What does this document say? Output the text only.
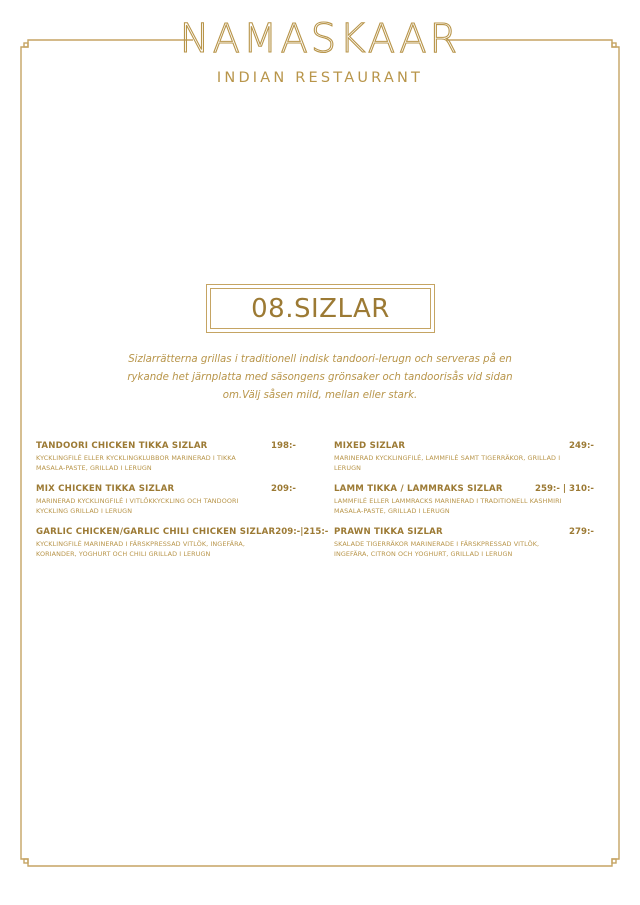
NAMASKAAR
INDIAN RESTAURANT
08.SIZLAR
Sizlarrätterna grillas i traditionell indisk tandoori-lerugn och serveras på en rykande het järnplatta med säsongens grönsaker och tandoorisås vid sidan om.Välj såsen mild, mellan eller stark.
TANDOORI CHICKEN TIKKA SIZLAR	198:-
KYCKLINGFILÉ ELLER KYCKLINGKLUBBOR MARINERAD I TIKKA MASALA-PASTE, GRILLAD I LERUGN
MIX CHICKEN TIKKA SIZLAR	209:-
MARINERAD KYCKLINGFILÉ I VITLÖKKYCKLING OCH TANDOORI KYCKLING GRILLAD I LERUGN
GARLIC CHICKEN/GARLIC CHILI CHICKEN SIZLAR 209:-|215:-
KYCKLINGFILÉ MARINERAD I FÄRSKPRESSAD VITLÖK, INGEFÄRA, KORIANDER, YOGHURT OCH CHILI GRILLAD I LERUGN
MIXED SIZLAR	249:-
MARINERAD KYCKLINGFILÉ, LAMMFILÉ SAMT TIGERRÄKOR, GRILLAD I LERUGN
LAMM TIKKA / LAMMRAKS SIZLAR	259:- | 310:-
LAMMFILÉ ELLER LAMMRACKS MARINERAD I TRADITIONELL KASHMIRI MASALA-PASTE, GRILLAD I LERUGN
PRAWN TIKKA SIZLAR	279:-
SKALADE TIGERRÄKOR MARINERADE I FÄRSKPRESSAD VITLÖK, INGEFÄRA, CITRON OCH YOGHURT, GRILLAD I LERUGN
